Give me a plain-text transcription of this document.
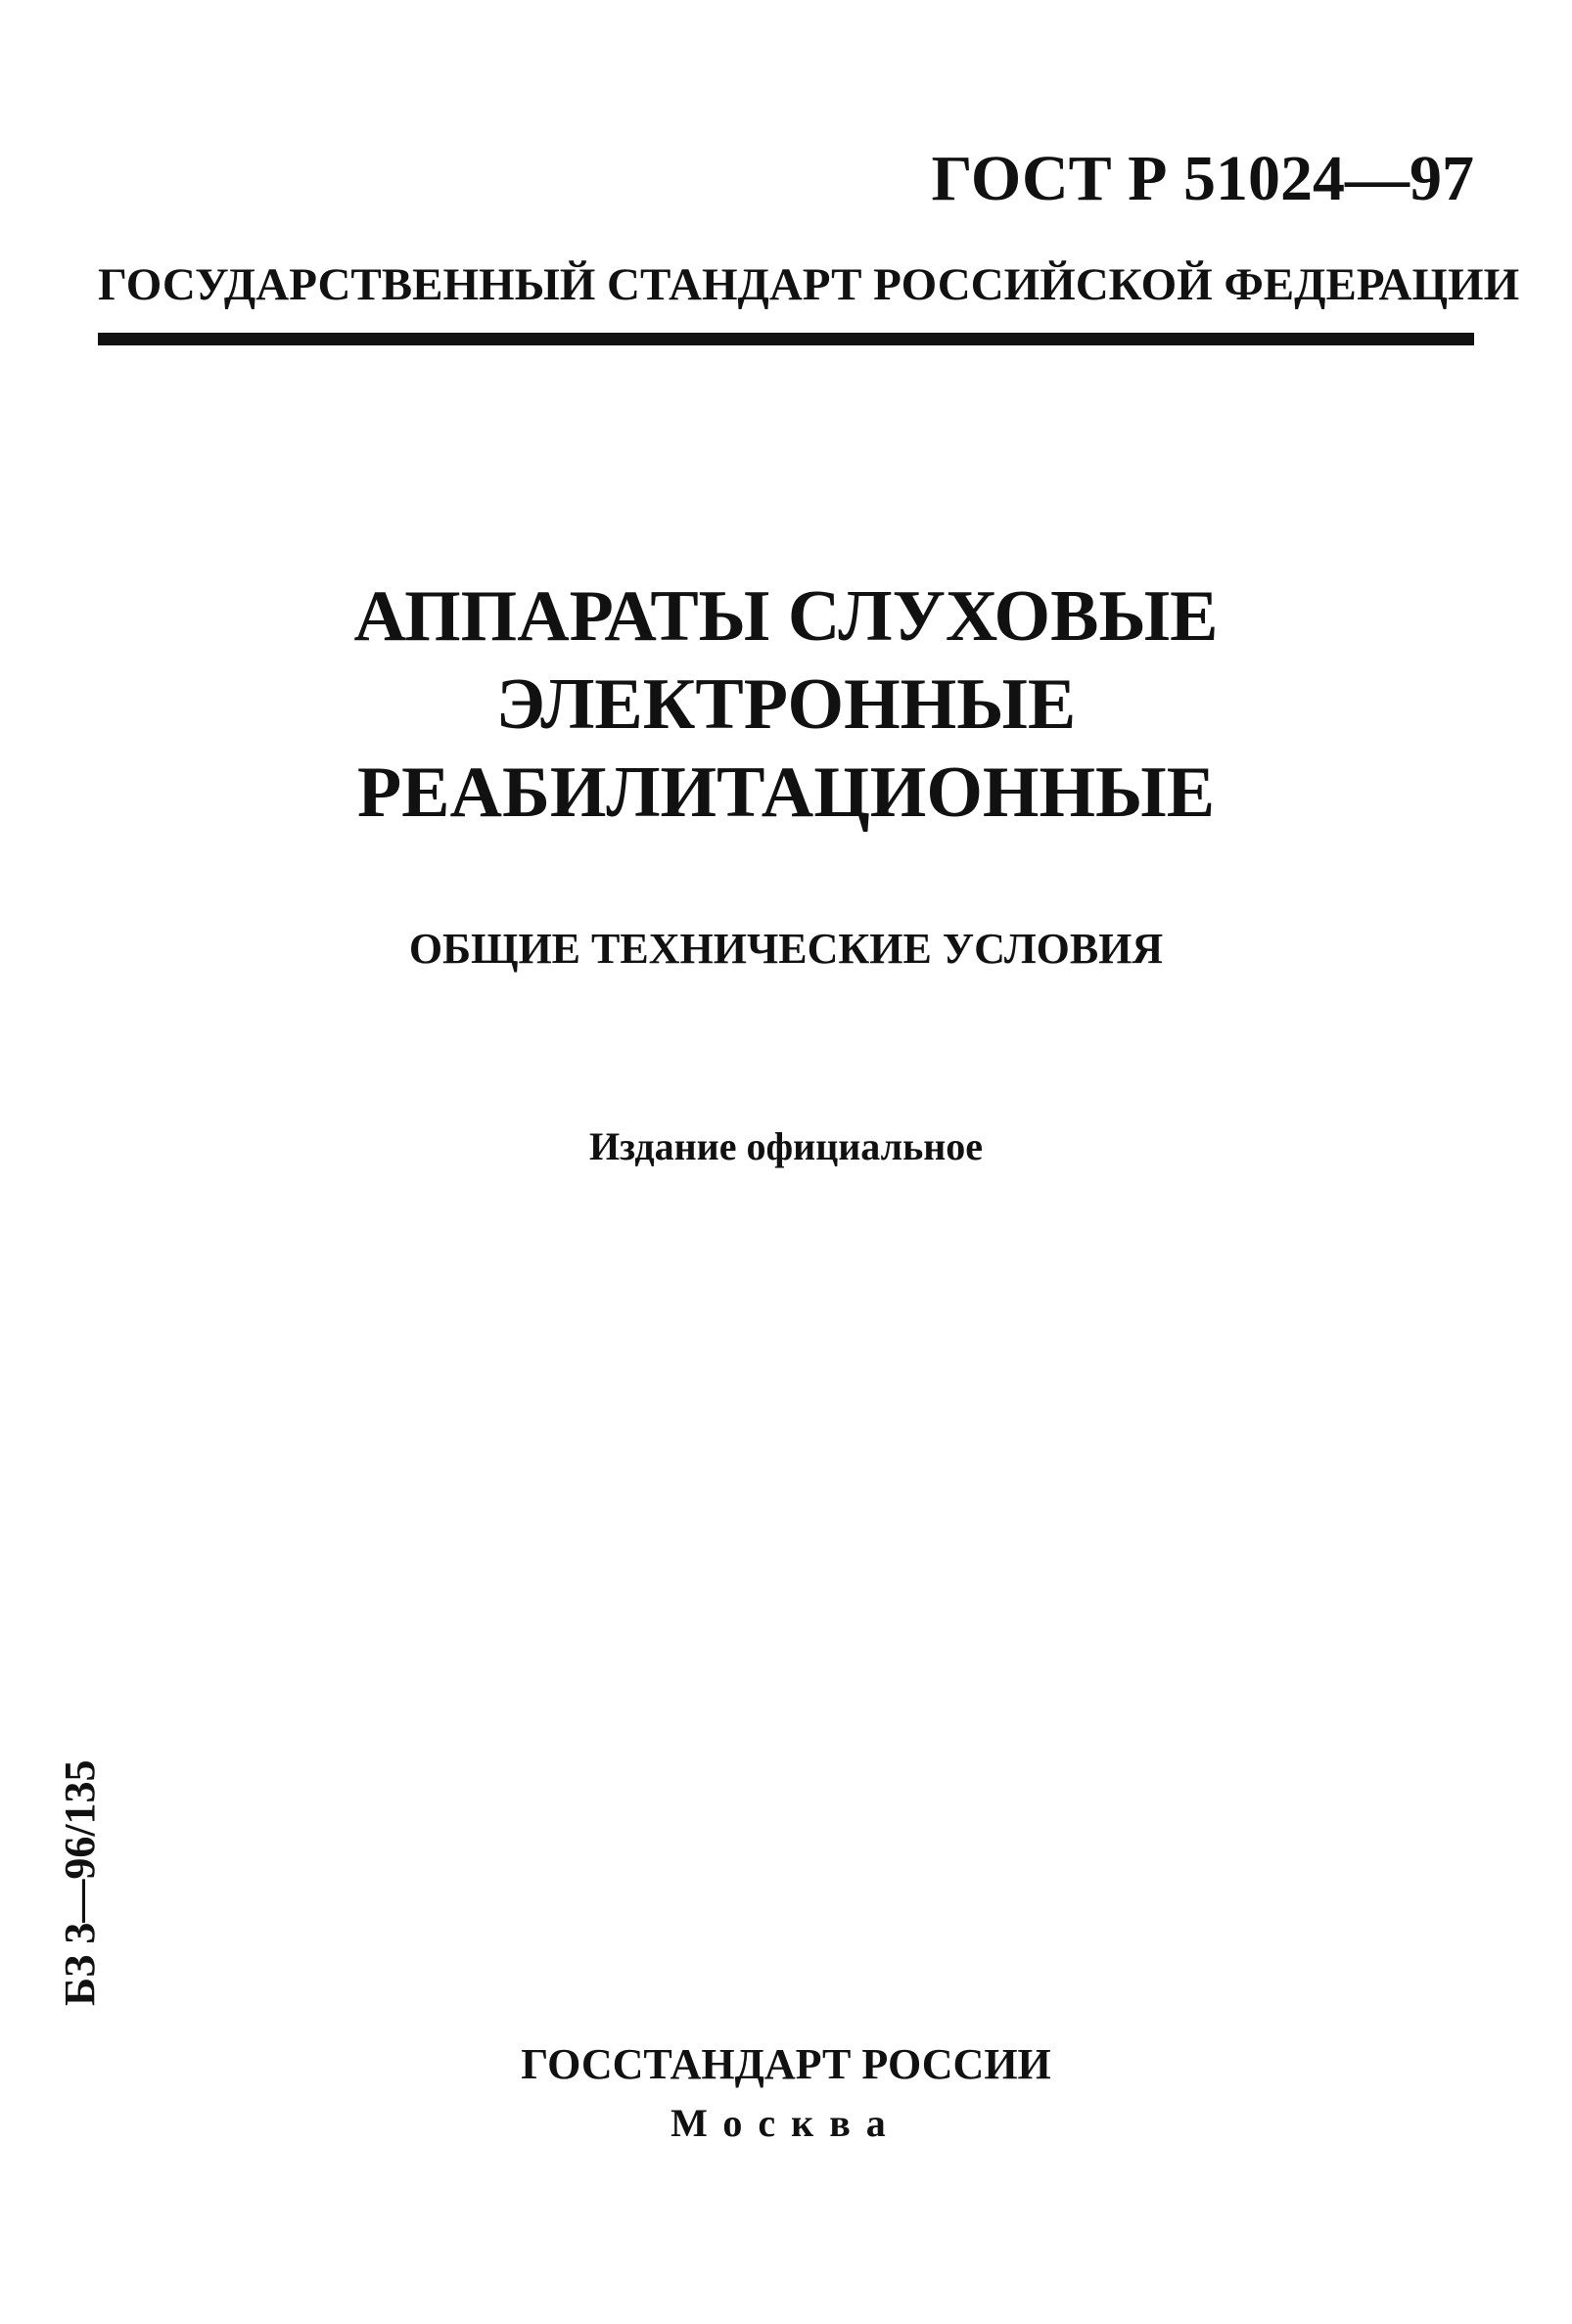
ГОСТ Р 51024—97
ГОСУДАРСТВЕННЫЙ СТАНДАРТ РОССИЙСКОЙ ФЕДЕРАЦИИ
АППАРАТЫ СЛУХОВЫЕ
ЭЛЕКТРОННЫЕ
РЕАБИЛИТАЦИОННЫЕ
ОБЩИЕ ТЕХНИЧЕСКИЕ УСЛОВИЯ
Издание официальное
БЗ 3—96/135
ГОССТАНДАРТ РОССИИ
Москва
